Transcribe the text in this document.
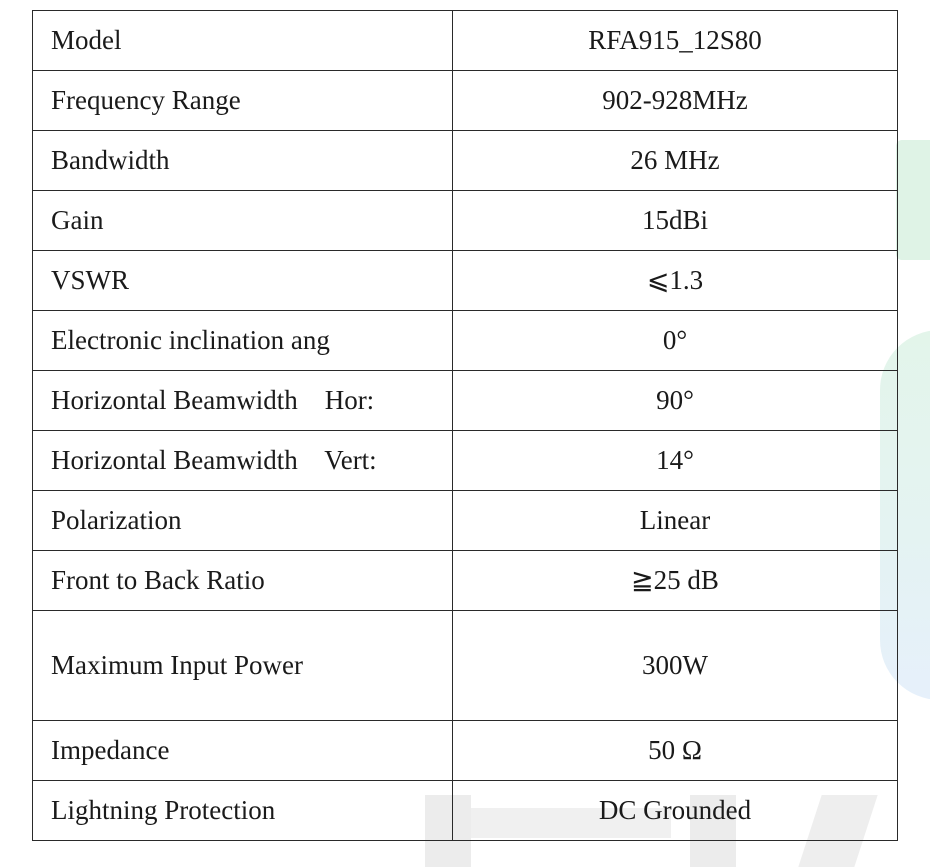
Model	RFA915_12S80
Frequency Range	902-928MHz
Bandwidth	26 MHz
Gain	15dBi
VSWR	⩽1.3
Electronic inclination ang	0°
Horizontal Beamwidth    Hor:	90°
Horizontal Beamwidth    Vert:	14°
Polarization	Linear
Front to Back Ratio	≧25 dB
Maximum Input Power	300W
Impedance	50 Ω
Lightning Protection	DC Grounded
